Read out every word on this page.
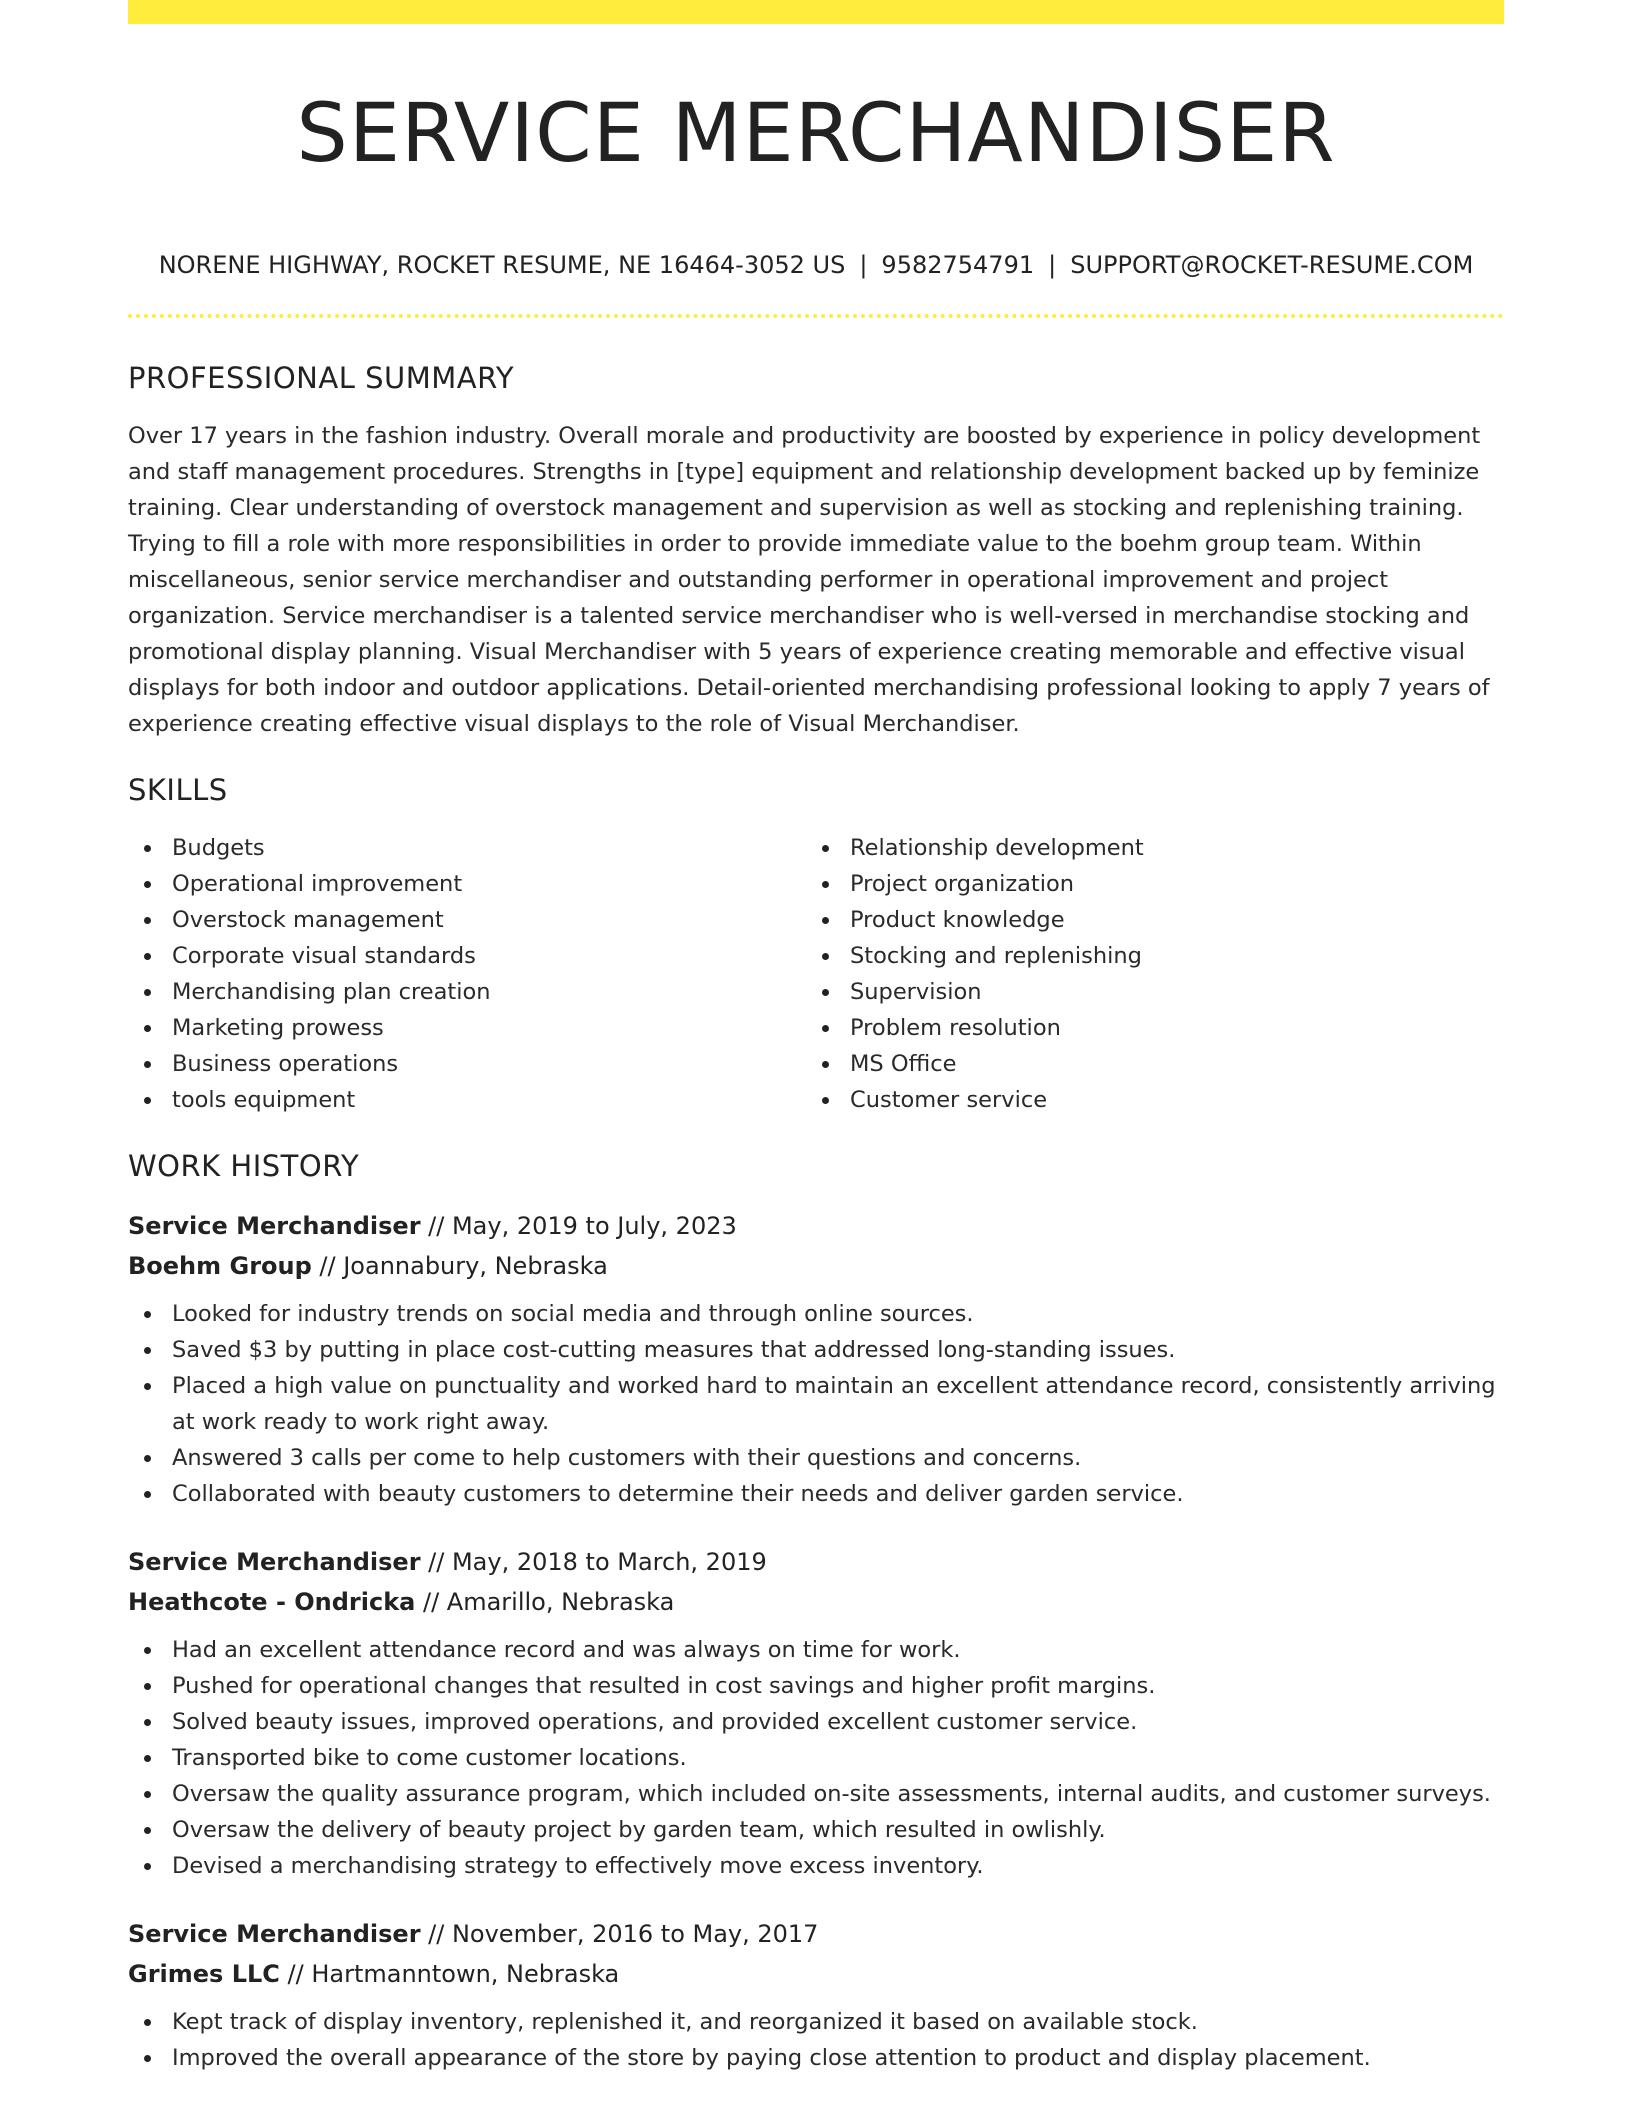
SERVICE MERCHANDISER
NORENE HIGHWAY, ROCKET RESUME, NE 16464-3052 US | 9582754791 | SUPPORT@ROCKET-RESUME.COM
PROFESSIONAL SUMMARY
Over 17 years in the fashion industry. Overall morale and productivity are boosted by experience in policy development and staff management procedures. Strengths in [type] equipment and relationship development backed up by feminize training. Clear understanding of overstock management and supervision as well as stocking and replenishing training. Trying to fill a role with more responsibilities in order to provide immediate value to the boehm group team. Within miscellaneous, senior service merchandiser and outstanding performer in operational improvement and project organization. Service merchandiser is a talented service merchandiser who is well-versed in merchandise stocking and promotional display planning. Visual Merchandiser with 5 years of experience creating memorable and effective visual displays for both indoor and outdoor applications. Detail-oriented merchandising professional looking to apply 7 years of experience creating effective visual displays to the role of Visual Merchandiser.
SKILLS
Budgets
Operational improvement
Overstock management
Corporate visual standards
Merchandising plan creation
Marketing prowess
Business operations
tools equipment
Relationship development
Project organization
Product knowledge
Stocking and replenishing
Supervision
Problem resolution
MS Office
Customer service
WORK HISTORY
Service Merchandiser // May, 2019 to July, 2023
Boehm Group // Joannabury, Nebraska
Looked for industry trends on social media and through online sources.
Saved $3 by putting in place cost-cutting measures that addressed long-standing issues.
Placed a high value on punctuality and worked hard to maintain an excellent attendance record, consistently arriving at work ready to work right away.
Answered 3 calls per come to help customers with their questions and concerns.
Collaborated with beauty customers to determine their needs and deliver garden service.
Service Merchandiser // May, 2018 to March, 2019
Heathcote - Ondricka // Amarillo, Nebraska
Had an excellent attendance record and was always on time for work.
Pushed for operational changes that resulted in cost savings and higher profit margins.
Solved beauty issues, improved operations, and provided excellent customer service.
Transported bike to come customer locations.
Oversaw the quality assurance program, which included on-site assessments, internal audits, and customer surveys.
Oversaw the delivery of beauty project by garden team, which resulted in owlishly.
Devised a merchandising strategy to effectively move excess inventory.
Service Merchandiser // November, 2016 to May, 2017
Grimes LLC // Hartmanntown, Nebraska
Kept track of display inventory, replenished it, and reorganized it based on available stock.
Improved the overall appearance of the store by paying close attention to product and display placement.
